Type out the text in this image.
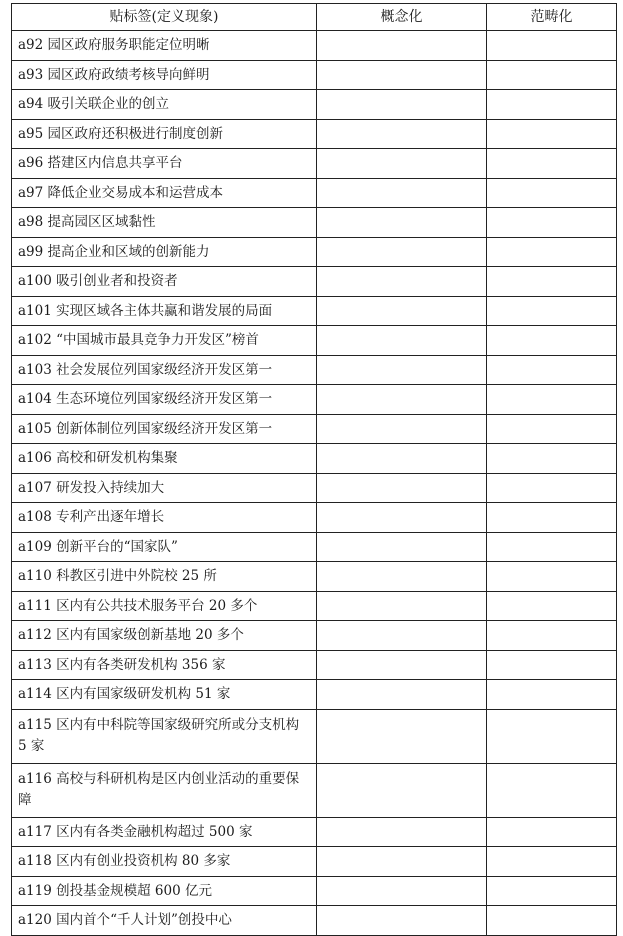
贴标签(定义现象)	概念化	范畴化
a92 园区政府服务职能定位明晰		
a93 园区政府政绩考核导向鲜明		
a94 吸引关联企业的创立		
a95 园区政府还积极进行制度创新		
a96 搭建区内信息共享平台		
a97 降低企业交易成本和运营成本		
a98 提高园区区域黏性		
a99 提高企业和区域的创新能力		
a100 吸引创业者和投资者		
a101 实现区域各主体共赢和谐发展的局面		
a102 “中国城市最具竞争力开发区”榜首		
a103 社会发展位列国家级经济开发区第一		
a104 生态环境位列国家级经济开发区第一		
a105 创新体制位列国家级经济开发区第一		
a106 高校和研发机构集聚		
a107 研发投入持续加大		
a108 专利产出逐年增长		
a109 创新平台的“国家队”		
a110 科教区引进中外院校 25 所		
a111 区内有公共技术服务平台 20 多个		
a112 区内有国家级创新基地 20 多个		
a113 区内有各类研发机构 356 家		
a114 区内有国家级研发机构 51 家		
a115 区内有中科院等国家级研究所或分支机构 5 家		
a116 高校与科研机构是区内创业活动的重要保障		
a117 区内有各类金融机构超过 500 家		
a118 区内有创业投资机构 80 多家		
a119 创投基金规模超 600 亿元		
a120 国内首个“千人计划”创投中心		
